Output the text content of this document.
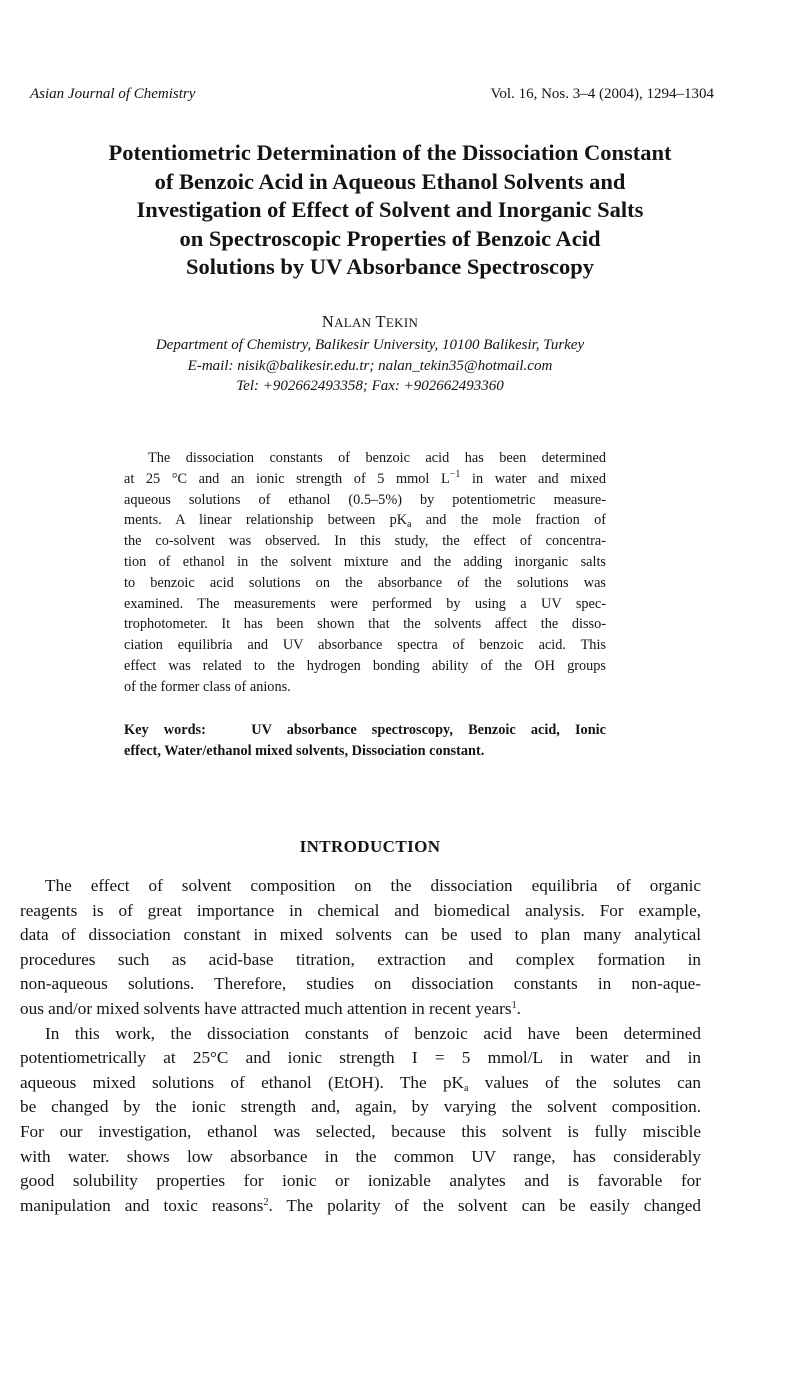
Asian Journal of Chemistry	Vol. 16, Nos. 3–4 (2004), 1294–1304
Potentiometric Determination of the Dissociation Constant
of Benzoic Acid in Aqueous Ethanol Solvents and
Investigation of Effect of Solvent and Inorganic Salts
on Spectroscopic Properties of Benzoic Acid
Solutions by UV Absorbance Spectroscopy
NALAN TEKIN
Department of Chemistry, Balikesir University, 10100 Balikesir, Turkey
E-mail: nisik@balikesir.edu.tr; nalan_tekin35@hotmail.com
Tel: +902662493358; Fax: +902662493360
The dissociation constants of benzoic acid has been determined
at 25 °C and an ionic strength of 5 mmol $L^{-1}$ in water and mixed
aqueous solutions of ethanol (0.5–5%) by potentiometric measure-
ments. A linear relationship between $pK_a$ and the mole fraction of
the co-solvent was observed. In this study, the effect of concentra-
tion of ethanol in the solvent mixture and the adding inorganic salts
to benzoic acid solutions on the absorbance of the solutions was
examined. The measurements were performed by using a UV spec-
trophotometer. It has been shown that the solvents affect the disso-
ciation equilibria and UV absorbance spectra of benzoic acid. This
effect was related to the hydrogen bonding ability of the OH groups
of the former class of anions.
Key words:	UV absorbance spectroscopy, Benzoic acid, Ionic
effect, Water/ethanol mixed solvents, Dissociation constant.
INTRODUCTION
The effect of solvent composition on the dissociation equilibria of organic
reagents is of great importance in chemical and biomedical analysis. For example,
data of dissociation constant in mixed solvents can be used to plan many analytical
procedures such as acid-base titration, extraction and complex formation in
non-aqueous solutions. Therefore, studies on dissociation constants in non-aque-
ous and/or mixed solvents have attracted much attention in recent years$^1$.
In this work, the dissociation constants of benzoic acid have been determined
potentiometrically at 25°C and ionic strength I = 5 mmol/L in water and in
aqueous mixed solutions of ethanol (EtOH). The $pK_a$ values of the solutes can
be changed by the ionic strength and, again, by varying the solvent composition.
For our investigation, ethanol was selected, because this solvent is fully miscible
with water. shows low absorbance in the common UV range, has considerably
good solubility properties for ionic or ionizable analytes and is favorable for
manipulation and toxic reasons$^2$. The polarity of the solvent can be easily changed
